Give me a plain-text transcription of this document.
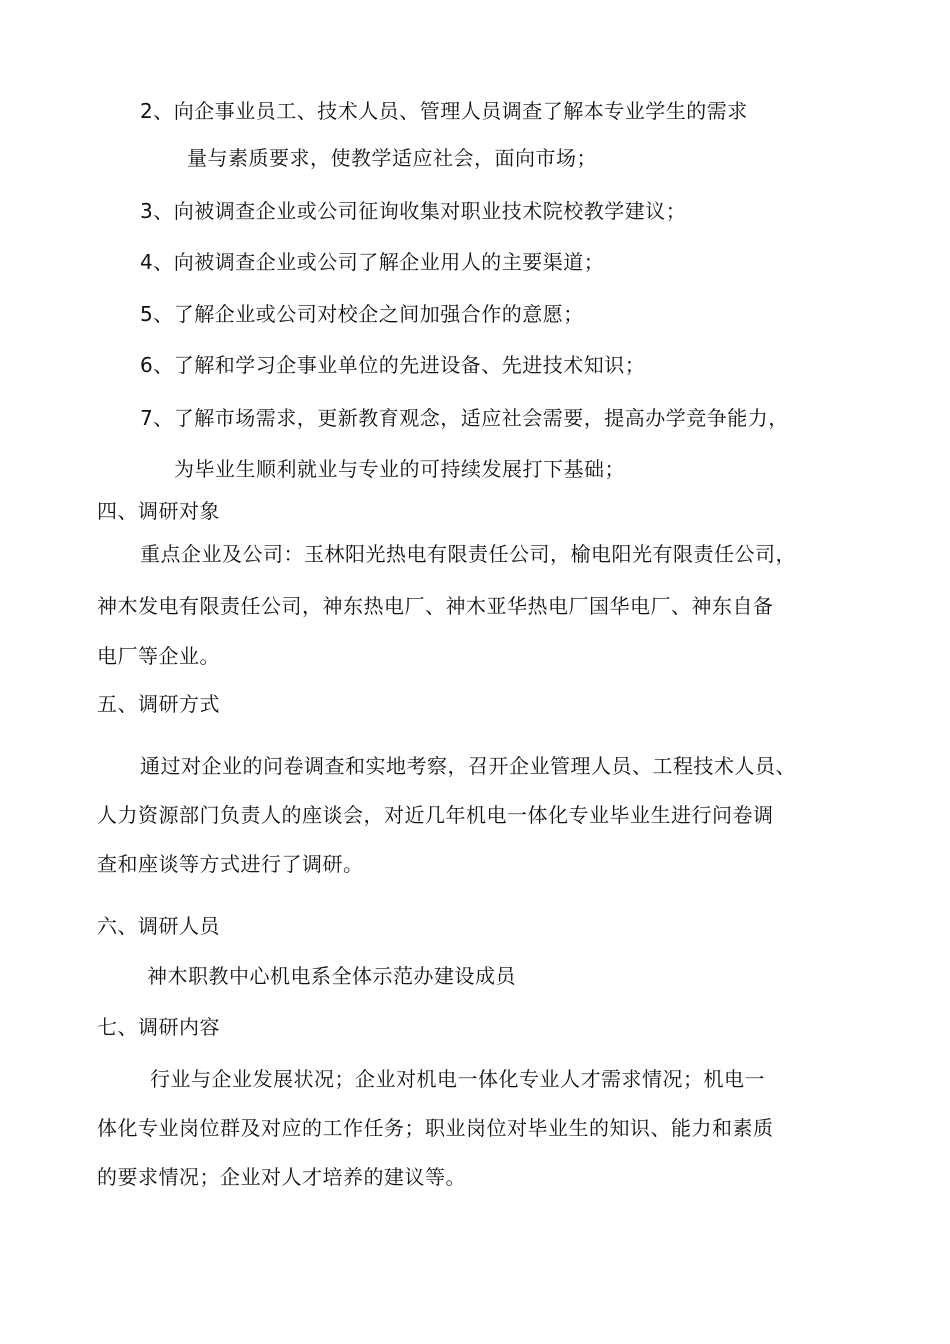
2、向企事业员工、技术人员、管理人员调查了解本专业学生的需求

量与素质要求，使教学适应社会，面向市场；

3、向被调查企业或公司征询收集对职业技术院校教学建议；

4、向被调查企业或公司了解企业用人的主要渠道；

5、了解企业或公司对校企之间加强合作的意愿；

6、了解和学习企事业单位的先进设备、先进技术知识；

7、了解市场需求，更新教育观念，适应社会需要，提高办学竞争能力，

为毕业生顺利就业与专业的可持续发展打下基础；

四、调研对象

重点企业及公司：玉林阳光热电有限责任公司，榆电阳光有限责任公司，

神木发电有限责任公司，神东热电厂、神木亚华热电厂国华电厂、神东自备

电厂等企业。

五、调研方式

通过对企业的问卷调查和实地考察，召开企业管理人员、工程技术人员、

人力资源部门负责人的座谈会，对近几年机电一体化专业毕业生进行问卷调

查和座谈等方式进行了调研。

六、调研人员

神木职教中心机电系全体示范办建设成员

七、调研内容

行业与企业发展状况；企业对机电一体化专业人才需求情况；机电一

体化专业岗位群及对应的工作任务；职业岗位对毕业生的知识、能力和素质

的要求情况；企业对人才培养的建议等。
